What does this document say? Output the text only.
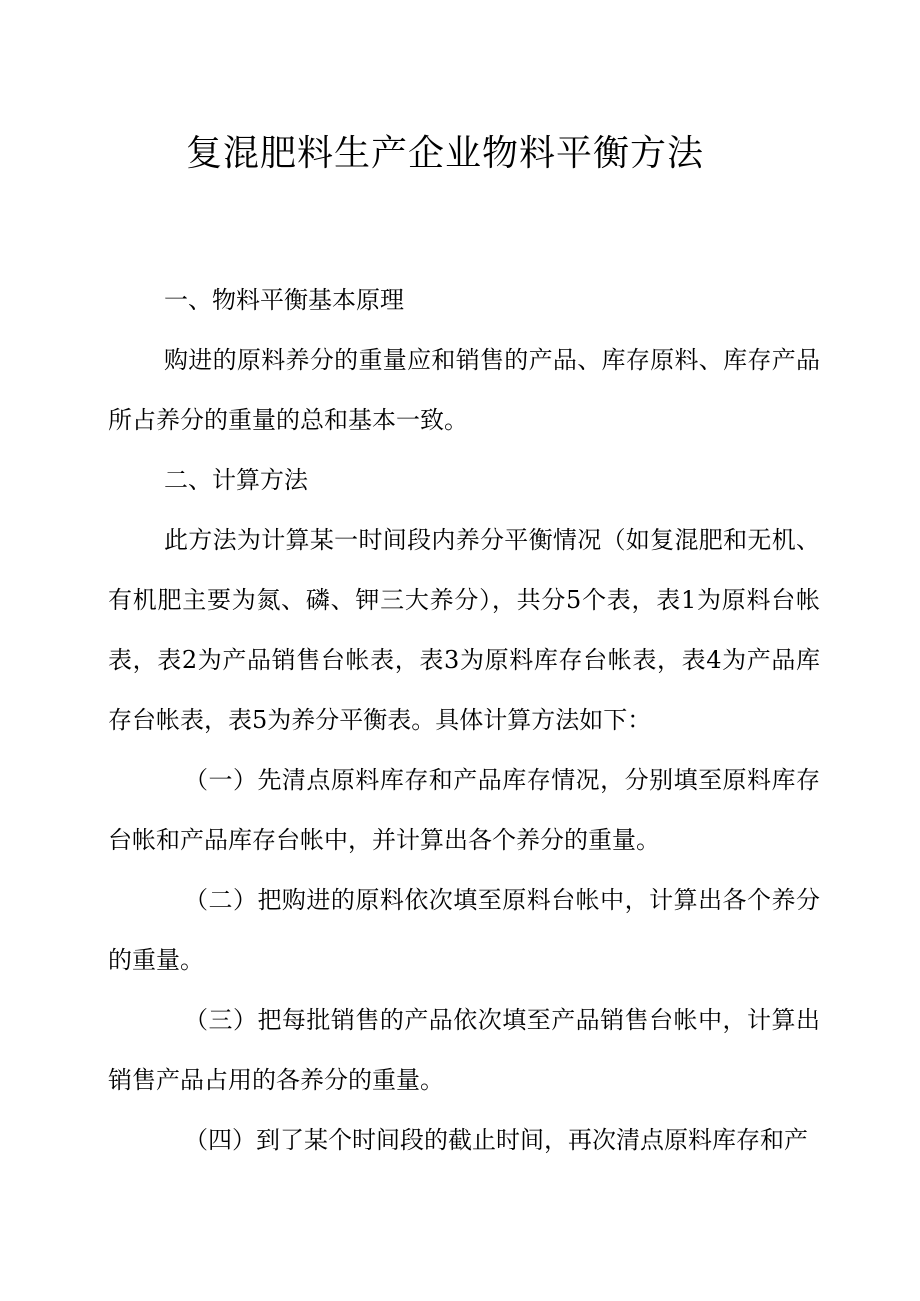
复混肥料生产企业物料平衡方法

一、物料平衡基本原理

购进的原料养分的重量应和销售的产品、库存原料、库存产品所占养分的重量的总和基本一致。

二、计算方法

此方法为计算某一时间段内养分平衡情况（如复混肥和无机、有机肥主要为氮、磷、钾三大养分），共分5个表，表1为原料台帐表，表2为产品销售台帐表，表3为原料库存台帐表，表4为产品库存台帐表，表5为养分平衡表。具体计算方法如下：

（一）先清点原料库存和产品库存情况，分别填至原料库存台帐和产品库存台帐中，并计算出各个养分的重量。

（二）把购进的原料依次填至原料台帐中，计算出各个养分的重量。

（三）把每批销售的产品依次填至产品销售台帐中，计算出销售产品占用的各养分的重量。

（四）到了某个时间段的截止时间，再次清点原料库存和产
